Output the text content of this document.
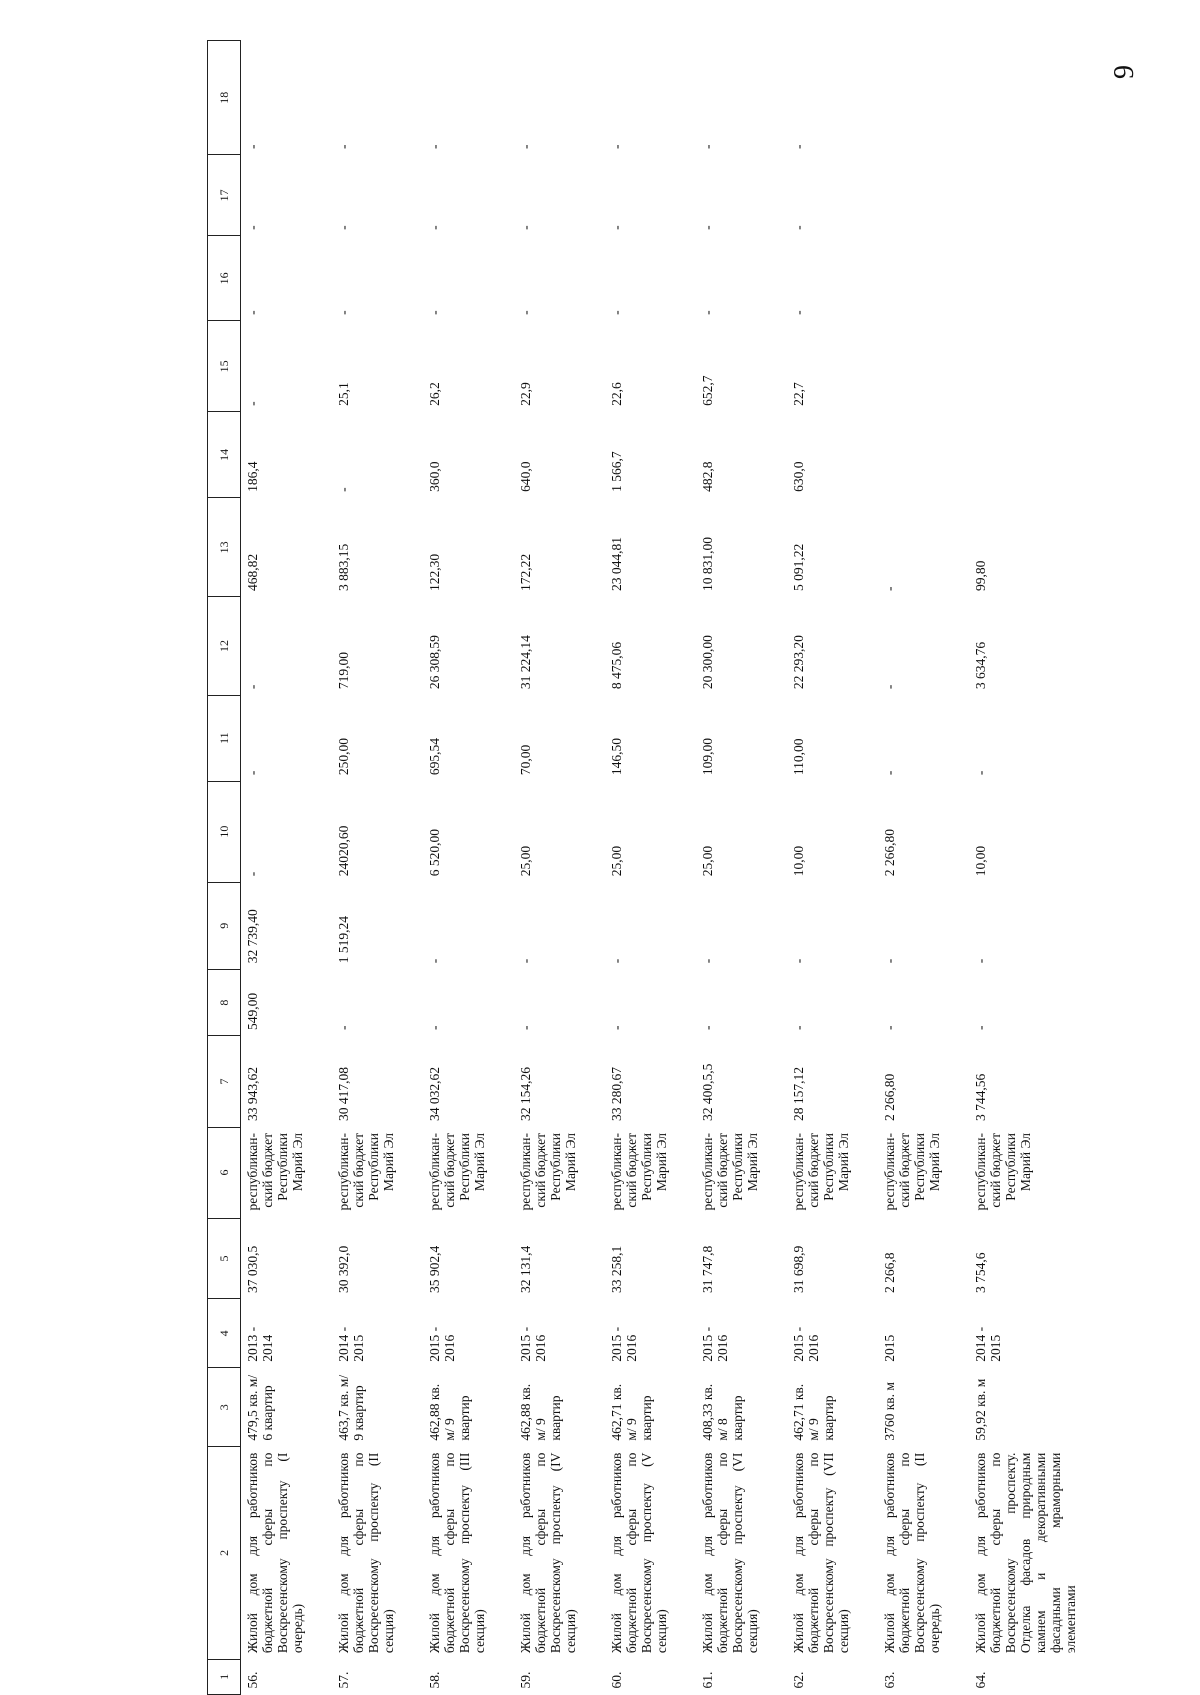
9
1	2	3	4	5	6	7	8	9	10	11	12	13	14	15	16	17	18
56.	Жилой дом для работников бюджетной сферы по Воскресенскому проспекту (I очередь)	479,5 кв. м/ 6 квартир	2013 - 2014	37 030,5	республикан-ский бюджет Республики Марий Эл	33 943,62	549,00	32 739,40	-	-	-	468,82	186,4	-	-	-	-
57.	Жилой дом для работников бюджетной сферы по Воскресенскому проспекту (II секция)	463,7 кв. м/ 9 квартир	2014 - 2015	30 392,0	республикан-ский бюджет Республики Марий Эл	30 417,08	-	1 519,24	24020,60	250,00	719,00	3 883,15	-	25,1	-	-	-
58.	Жилой дом для работников бюджетной сферы по Воскресенскому проспекту (III секция)	462,88 кв. м/ 9 квартир	2015 - 2016	35 902,4	республикан-ский бюджет Республики Марий Эл	34 032,62	-	-	6 520,00	695,54	26 308,59	122,30	360,0	26,2	-	-	-
59.	Жилой дом для работников бюджетной сферы по Воскресенскому проспекту (IV секция)	462,88 кв. м/ 9 квартир	2015 - 2016	32 131,4	республикан-ский бюджет Республики Марий Эл	32 154,26	-	-	25,00	70,00	31 224,14	172,22	640,0	22,9	-	-	-
60.	Жилой дом для работников бюджетной сферы по Воскресенскому проспекту (V секция)	462,71 кв. м/ 9 квартир	2015 - 2016	33 258,1	республикан-ский бюджет Республики Марий Эл	33 280,67	-	-	25,00	146,50	8 475,06	23 044,81	1 566,7	22,6	-	-	-
61.	Жилой дом для работников бюджетной сферы по Воскресенскому проспекту (VI секция)	408,33 кв. м/ 8 квартир	2015 - 2016	31 747,8	республикан-ский бюджет Республики Марий Эл	32 400,5,5	-	-	25,00	109,00	20 300,00	10 831,00	482,8	652,7	-	-	-
62.	Жилой дом для работников бюджетной сферы по Воскресенскому проспекту (VII секция)	462,71 кв. м/ 9 квартир	2015 - 2016	31 698,9	республикан-ский бюджет Республики Марий Эл	28 157,12	-	-	10,00	110,00	22 293,20	5 091,22	630,0	22,7	-	-	-
63.	Жилой дом для работников бюджетной сферы по Воскресенскому проспекту (II очередь)	3760 кв. м	2015	2 266,8	республикан-ский бюджет Республики Марий Эл	2 266,80	-	-	2 266,80	-	-	-					
64.	Жилой дом для работников бюджетной сферы по Воскресенскому проспекту. Отделка фасадов природным камнем и декоративными фасадными мраморными элементами	59,92 кв. м	2014 - 2015	3 754,6	республикан-ский бюджет Республики Марий Эл	3 744,56	-	-	10,00	-	3 634,76	99,80					
